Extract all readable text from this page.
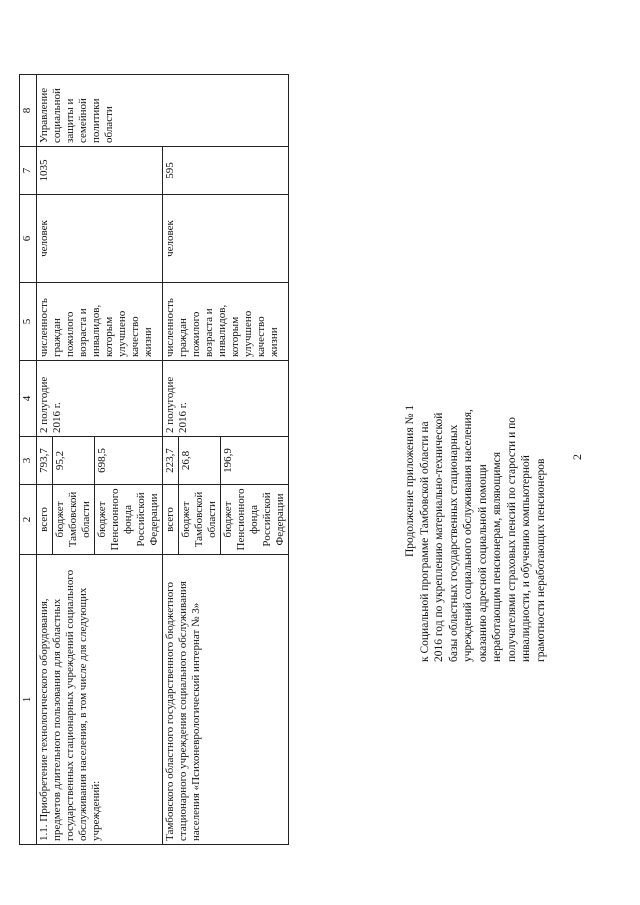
2
Продолжение приложения № 1 к Социальной программе Тамбовской области на 2016 год по укреплению материально-технической базы областных государственных стационарных учреждений социального обслуживания населения, оказанию адресной социальной помощи неработающим пенсионерам, являющимся получателями страховых пенсий по старости и по инвалидности, и обучению компьютерной грамотности неработающих пенсионеров
1	2	3	4	5	6	7	8
1.1. Приобретение технологического оборудования, предметов длительного пользования для областных государственных стационарных учреждений социального обслуживания населения, в том числе для следующих учреждений:	всего	793,7	2 полугодие 2016 г.	численность граждан пожилого возраста и инвалидов, которым улучшено качество жизни	человек	1035	Управление социальной защиты и семейной политики области
	бюджет Тамбовской области	95,2					
	бюджет Пенсионного фонда Российской Федерации	698,5					
Тамбовского областного государственного бюджетного стационарного учреждения социального обслуживания населения «Психоневрологический интернат № 3»	всего	223,7	2 полугодие 2016 г.	численность граждан пожилого возраста и инвалидов, которым улучшено качество жизни	человек	595	
	бюджет Тамбовской области	26,8					
	бюджет Пенсионного фонда Российской Федерации	196,9					
